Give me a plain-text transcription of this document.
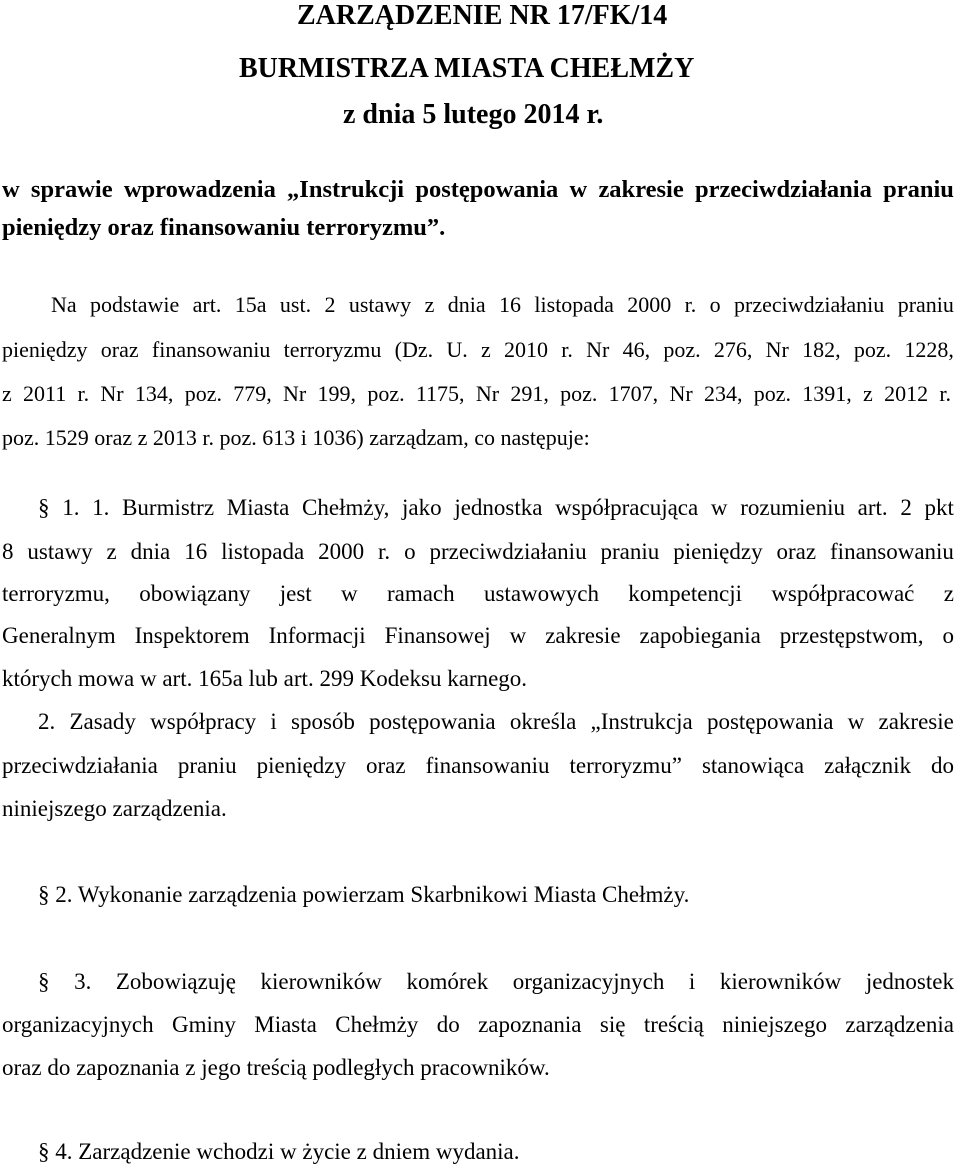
ZARZĄDZENIE NR 17/FK/14
BURMISTRZA MIASTA CHEŁMŻY
z dnia 5 lutego 2014 r.
w sprawie wprowadzenia „Instrukcji postępowania w zakresie przeciwdziałania praniu
pieniędzy oraz finansowaniu terroryzmu”.
Na podstawie art. 15a ust. 2 ustawy z dnia 16 listopada 2000 r. o przeciwdziałaniu praniu
pieniędzy oraz finansowaniu terroryzmu (Dz. U. z 2010 r. Nr 46, poz. 276, Nr 182, poz. 1228,
z 2011 r. Nr 134, poz. 779, Nr 199, poz. 1175, Nr 291, poz. 1707, Nr 234, poz. 1391, z 2012 r.
poz. 1529 oraz z 2013 r. poz. 613 i 1036) zarządzam, co następuje:
§ 1. 1. Burmistrz Miasta Chełmży, jako jednostka współpracująca w rozumieniu art. 2 pkt
8 ustawy z dnia 16 listopada 2000 r. o przeciwdziałaniu praniu pieniędzy oraz finansowaniu
terroryzmu, obowiązany jest w ramach ustawowych kompetencji współpracować z
Generalnym Inspektorem Informacji Finansowej w zakresie zapobiegania przestępstwom, o
których mowa w art. 165a lub art. 299 Kodeksu karnego.
2. Zasady współpracy i sposób postępowania określa „Instrukcja postępowania w zakresie
przeciwdziałania praniu pieniędzy oraz finansowaniu terroryzmu” stanowiąca załącznik do
niniejszego zarządzenia.
§ 2. Wykonanie zarządzenia powierzam Skarbnikowi Miasta Chełmży.
§ 3. Zobowiązuję kierowników komórek organizacyjnych i kierowników jednostek
organizacyjnych Gminy Miasta Chełmży do zapoznania się treścią niniejszego zarządzenia
oraz do zapoznania z jego treścią podległych pracowników.
§ 4. Zarządzenie wchodzi w życie z dniem wydania.
